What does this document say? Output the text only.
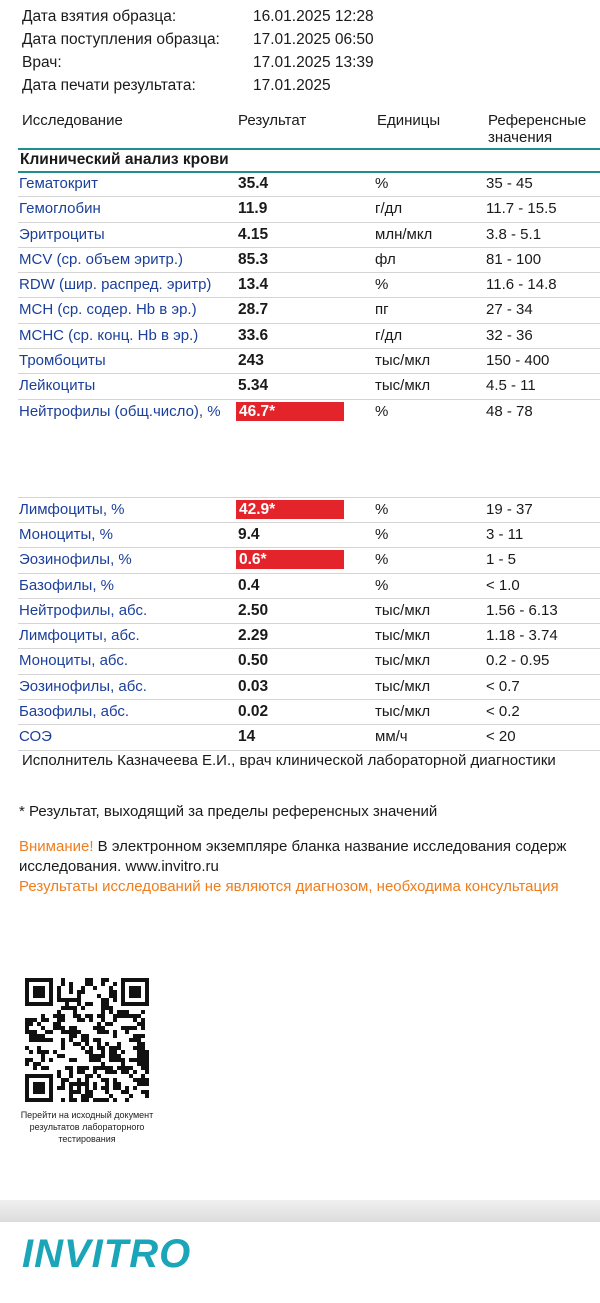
Дата взятия образца:	16.01.2025 12:28
Дата поступления образца: 17.01.2025 06:50
Врач:	17.01.2025 13:39
Дата печати результата:	17.01.2025
Исследование	Результат	Единицы	Референсные значения
Клинический анализ крови
Гематокрит	35.4	%	35 - 45
Гемоглобин	11.9	г/дл	11.7 - 15.5
Эритроциты	4.15	млн/мкл	3.8 - 5.1
MCV (ср. объем эритр.)	85.3	фл	81 - 100
RDW (шир. распред. эритр)	13.4	%	11.6 - 14.8
MCH (ср. содер. Hb в эр.)	28.7	пг	27 - 34
MCHC (ср. конц. Hb в эр.)	33.6	г/дл	32 - 36
Тромбоциты	243	тыс/мкл	150 - 400
Лейкоциты	5.34	тыс/мкл	4.5 - 11
Нейтрофилы (общ.число), % 46.7*	%	48 - 78
Лимфоциты, %	42.9*	%	19 - 37
Моноциты, %	9.4	%	3 - 11
Эозинофилы, %	0.6*	%	1 - 5
Базофилы, %	0.4	%	< 1.0
Нейтрофилы, абс.	2.50	тыс/мкл	1.56 - 6.13
Лимфоциты, абс.	2.29	тыс/мкл	1.18 - 3.74
Моноциты, абс.	0.50	тыс/мкл	0.2 - 0.95
Эозинофилы, абс.	0.03	тыс/мкл	< 0.7
Базофилы, абс.	0.02	тыс/мкл	< 0.2
СОЭ	14	мм/ч	< 20
Исполнитель Казначеева Е.И., врач клинической лабораторной диагностики
* Результат, выходящий за пределы референсных значений
Внимание! В электронном экземпляре бланка название исследования содерж
исследования. www.invitro.ru
Результаты исследований не являются диагнозом, необходима консультация
Перейти на исходный документ результатов лабораторного тестирования
INVITRO
